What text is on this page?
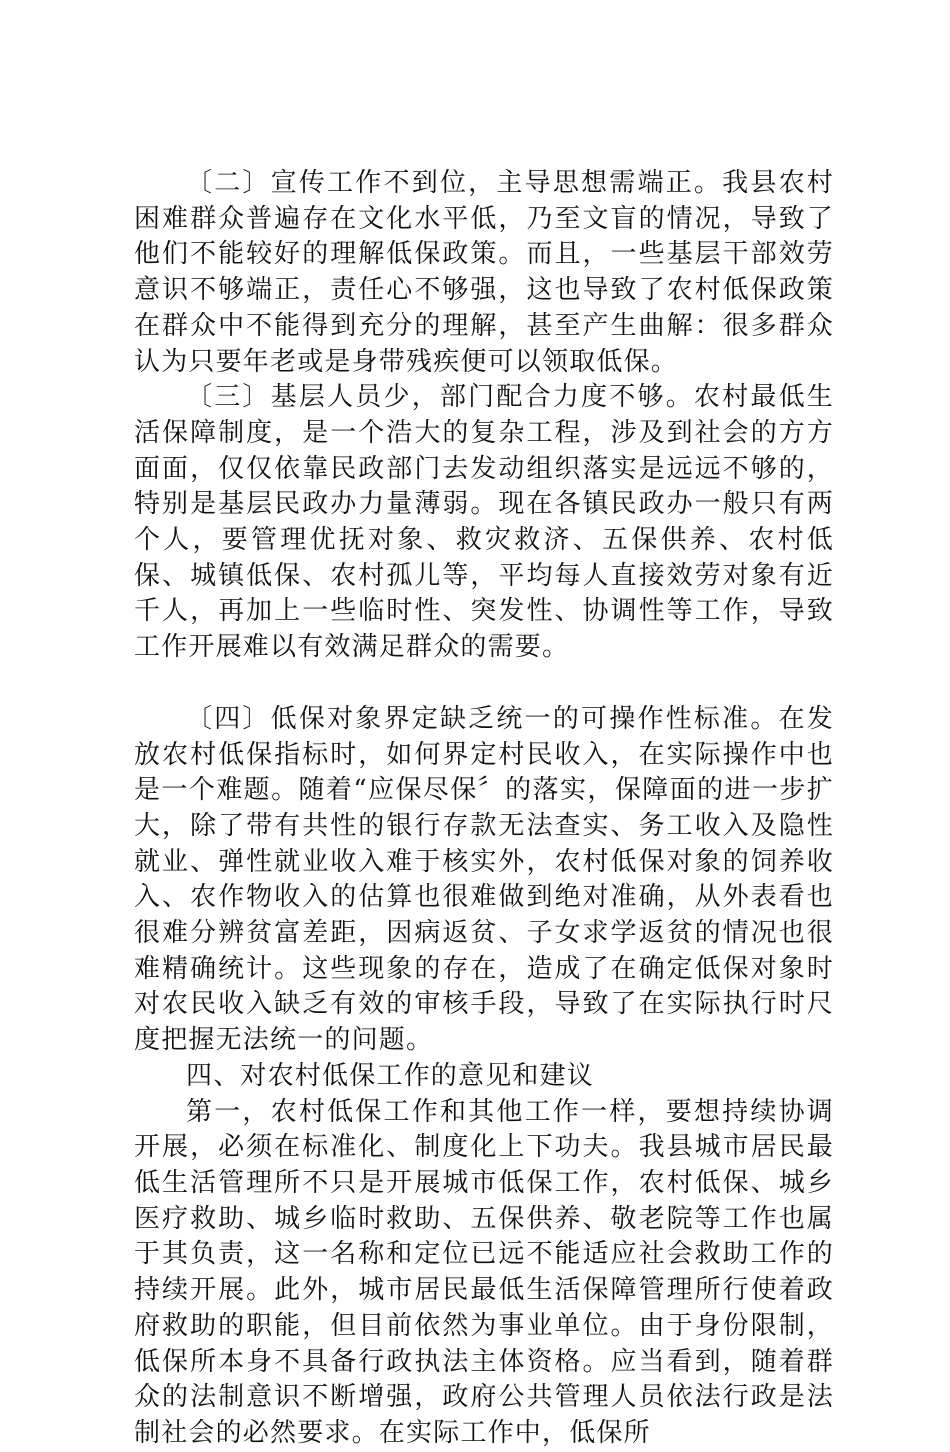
〔二〕宣传工作不到位，主导思想需端正。我县农村困难群众普遍存在文化水平低，乃至文盲的情况，导致了他们不能较好的理解低保政策。而且，一些基层干部效劳意识不够端正，责任心不够强，这也导致了农村低保政策在群众中不能得到充分的理解，甚至产生曲解：很多群众认为只要年老或是身带残疾便可以领取低保。

〔三〕基层人员少，部门配合力度不够。农村最低生活保障制度，是一个浩大的复杂工程，涉及到社会的方方面面，仅仅依靠民政部门去发动组织落实是远远不够的，特别是基层民政办力量薄弱。现在各镇民政办一般只有两个人，要管理优抚对象、救灾救济、五保供养、农村低保、城镇低保、农村孤儿等，平均每人直接效劳对象有近千人，再加上一些临时性、突发性、协调性等工作，导致工作开展难以有效满足群众的需要。

〔四〕低保对象界定缺乏统一的可操作性标准。在发放农村低保指标时，如何界定村民收入，在实际操作中也是一个难题。随着“应保尽保〞的落实，保障面的进一步扩大，除了带有共性的银行存款无法查实、务工收入及隐性就业、弹性就业收入难于核实外，农村低保对象的饲养收入、农作物收入的估算也很难做到绝对准确，从外表看也很难分辨贫富差距，因病返贫、子女求学返贫的情况也很难精确统计。这些现象的存在，造成了在确定低保对象时对农民收入缺乏有效的审核手段，导致了在实际执行时尺度把握无法统一的问题。

四、对农村低保工作的意见和建议

第一，农村低保工作和其他工作一样，要想持续协调开展，必须在标准化、制度化上下功夫。我县城市居民最低生活管理所不只是开展城市低保工作，农村低保、城乡医疗救助、城乡临时救助、五保供养、敬老院等工作也属于其负责，这一名称和定位已远不能适应社会救助工作的持续开展。此外，城市居民最低生活保障管理所行使着政府救助的职能，但目前依然为事业单位。由于身份限制，低保所本身不具备行政执法主体资格。应当看到，随着群众的法制意识不断增强，政府公共管理人员依法行政是法制社会的必然要求。在实际工作中，低保所
